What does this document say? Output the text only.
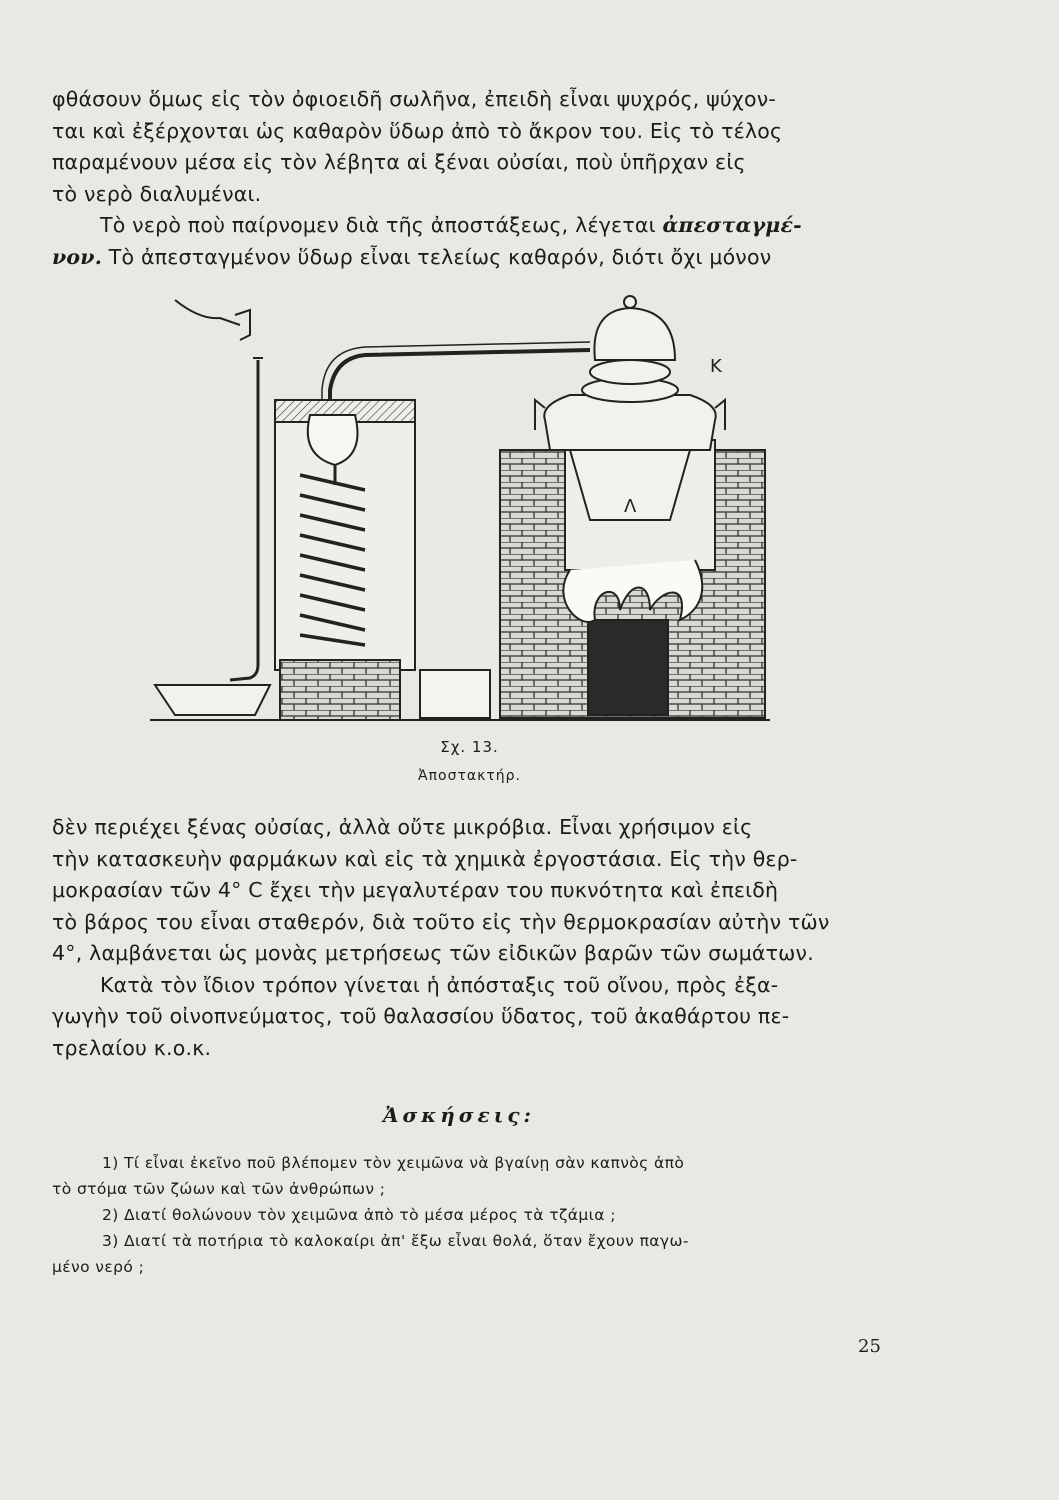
φθάσουν ὅμως εἰς τὸν ὀφιοειδῆ σωλῆνα, ἐπειδὴ εἶναι ψυχρός, ψύχον-
ται καὶ ἐξέρχονται ὡς καθαρὸν ὕδωρ ἀπὸ τὸ ἄκρον του. Εἰς τὸ τέλος
παραμένουν μέσα εἰς τὸν λέβητα αἱ ξέναι οὐσίαι, ποὺ ὑπῆρχαν εἰς
τὸ νερὸ διαλυμέναι.
Τὸ νερὸ ποὺ παίρνομεν διὰ τῆς ἀποστάξεως, λέγεται ἀπεσταγμέ-
νον. Τὸ ἀπεσταγμένον ὕδωρ εἶναι τελείως καθαρόν, διότι ὄχι μόνον
Κ
Λ
Σχ. 13.
Ἀποστακτήρ.
δὲν περιέχει ξένας οὐσίας, ἀλλὰ οὔτε μικρόβια. Εἶναι χρήσιμον εἰς
τὴν κατασκευὴν φαρμάκων καὶ εἰς τὰ χημικὰ ἐργοστάσια. Εἰς τὴν θερ-
μοκρασίαν τῶν 4° C ἔχει τὴν μεγαλυτέραν του πυκνότητα καὶ ἐπειδὴ
τὸ βάρος του εἶναι σταθερόν, διὰ τοῦτο εἰς τὴν θερμοκρασίαν αὐτὴν τῶν
4°, λαμβάνεται ὡς μονὰς μετρήσεως τῶν εἰδικῶν βαρῶν τῶν σωμάτων.
Κατὰ τὸν ἴδιον τρόπον γίνεται ἡ ἀπόσταξις τοῦ οἴνου, πρὸς ἐξα-
γωγὴν τοῦ οἰνοπνεύματος, τοῦ θαλασσίου ὕδατος, τοῦ ἀκαθάρτου πε-
τρελαίου κ.ο.κ.
Ἀσκήσεις:
1) Τί εἶναι ἐκεῖνο ποῦ βλέπομεν τὸν χειμῶνα νὰ βγαίνῃ σὰν καπνὸς ἀπὸ
τὸ στόμα τῶν ζώων καὶ τῶν ἀνθρώπων ;
2) Διατί θολώνουν τὸν χειμῶνα ἀπὸ τὸ μέσα μέρος τὰ τζάμια ;
3) Διατί τὰ ποτήρια τὸ καλοκαίρι ἀπ' ἔξω εἶναι θολά, ὅταν ἔχουν παγω-
μένο νερό ;
25
